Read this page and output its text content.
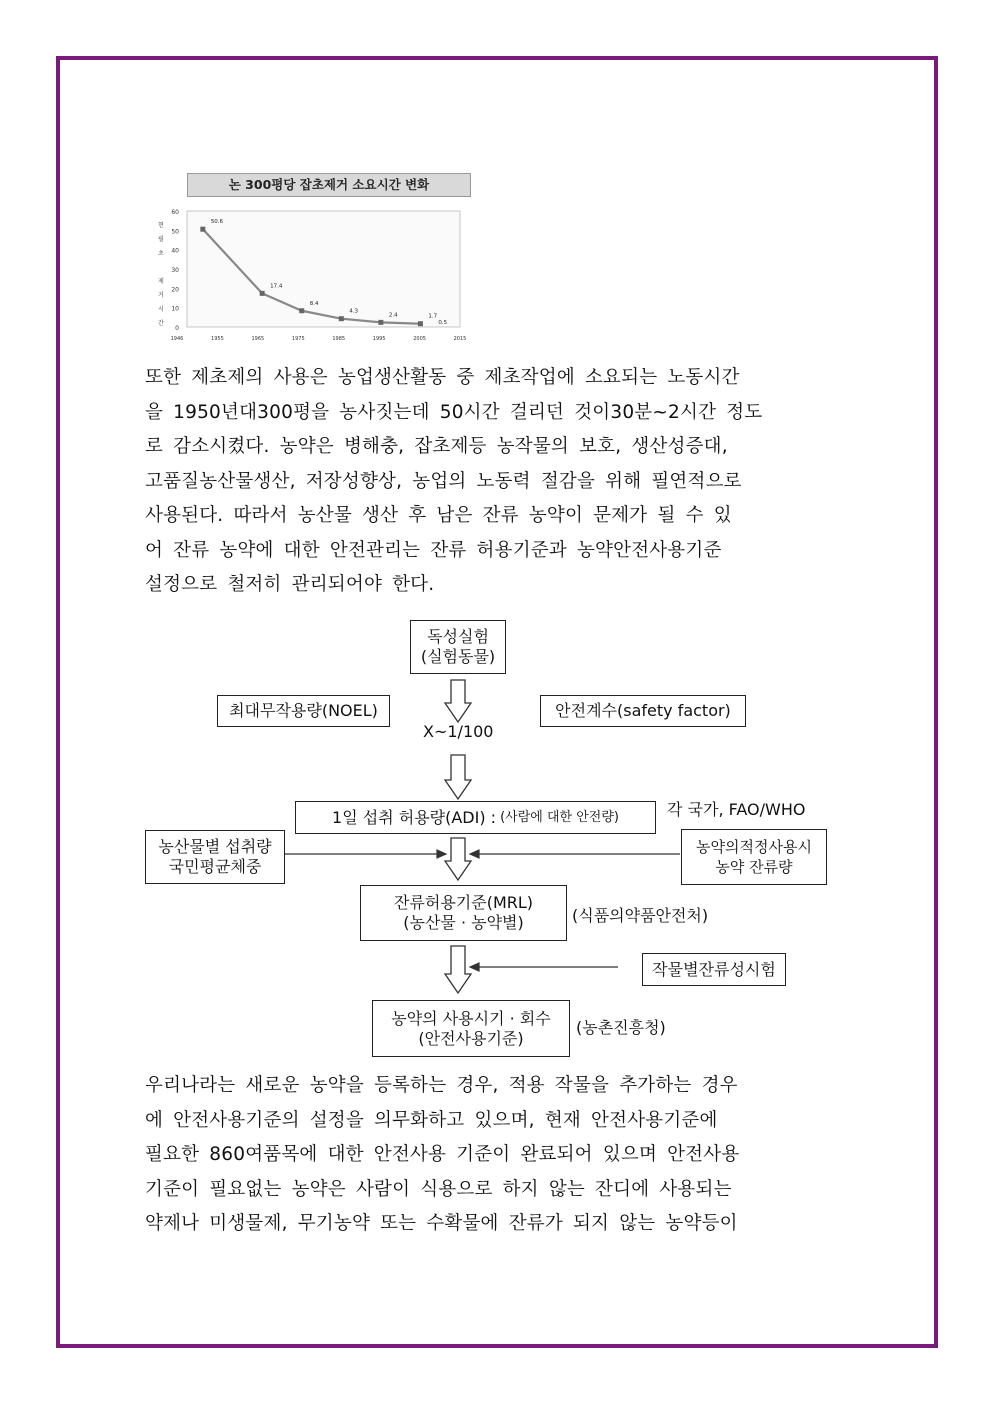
60
50
40
30
20
10
0
1946	1955	1965	1975	1985	1995	2005	2015
현
필
초
제
거
시
간
50.6
17.4
8.4
4.3
2.4	1.7
0.5
논 300평당 잡초제거 소요시간 변화
또한 제초제의 사용은 농업생산활동 중 제초작업에 소요되는 노동시간
을 1950년대300평을 농사짓는데 50시간 걸리던 것이30분~2시간 정도
로 감소시켰다. 농약은 병해충, 잡초제등 농작물의 보호, 생산성증대,
고품질농산물생산, 저장성향상, 농업의 노동력 절감을 위해 필연적으로
사용된다. 따라서 농산물 생산 후 남은 잔류 농약이 문제가 될 수 있
어 잔류 농약에 대한 안전관리는 잔류 허용기준과 농약안전사용기준
설정으로 철저히 관리되어야 한다.
독성실험
(실험동물)
최대무작용량(NOEL)	안전계수(safety factor)
X~1/100
1일 섭취 허용량(ADI) : (사람에 대한 안전량)	각 국가, FAO/WHO
농산물별 섭취량
국민평균체중
농약의적정사용시
농약 잔류량
잔류허용기준(MRL)
(농산물 · 농약별)	(식품의약품안전처)
작물별잔류성시험
농약의 사용시기 · 회수
(안전사용기준)
(농촌진흥청)
우리나라는 새로운 농약을 등록하는 경우, 적용 작물을 추가하는 경우
에 안전사용기준의 설정을 의무화하고 있으며, 현재 안전사용기준에
필요한 860여품목에 대한 안전사용 기준이 완료되어 있으며 안전사용
기준이 필요없는 농약은 사람이 식용으로 하지 않는 잔디에 사용되는
약제나 미생물제, 무기농약 또는 수확물에 잔류가 되지 않는 농약등이
